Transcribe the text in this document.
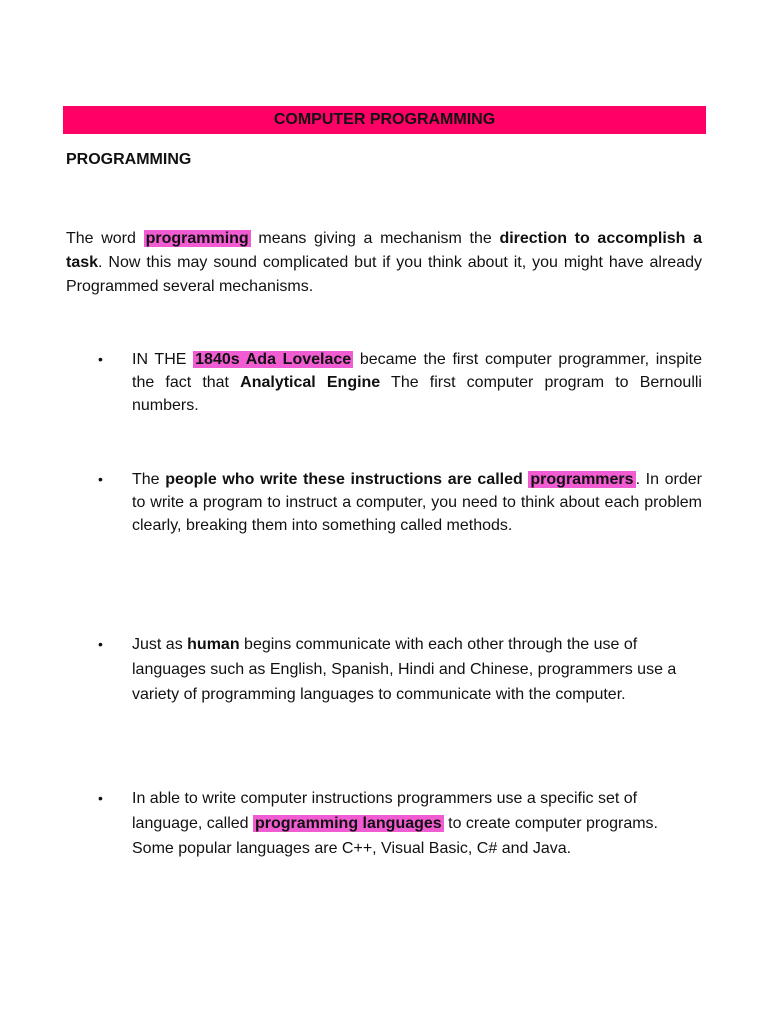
COMPUTER PROGRAMMING
PROGRAMMING
The word programming means giving a mechanism the direction to accomplish a task. Now this may sound complicated but if you think about it, you might have already Programmed several mechanisms.
•	IN THE 1840s Ada Lovelace became the first computer programmer, inspite the fact that Analytical Engine The first computer program to Bernoulli numbers.
•	The people who write these instructions are called programmers . In order to write a program to instruct a computer, you need to think about each problem clearly, breaking them into something called methods.
•	Just as human begins communicate with each other through the use of languages such as English, Spanish, Hindi and Chinese, programmers use a variety of programming languages to communicate with the computer.
•	In able to write computer instructions programmers use a specific set of language, called programming languages to create computer programs. Some popular languages are C++, Visual Basic, C# and Java.
